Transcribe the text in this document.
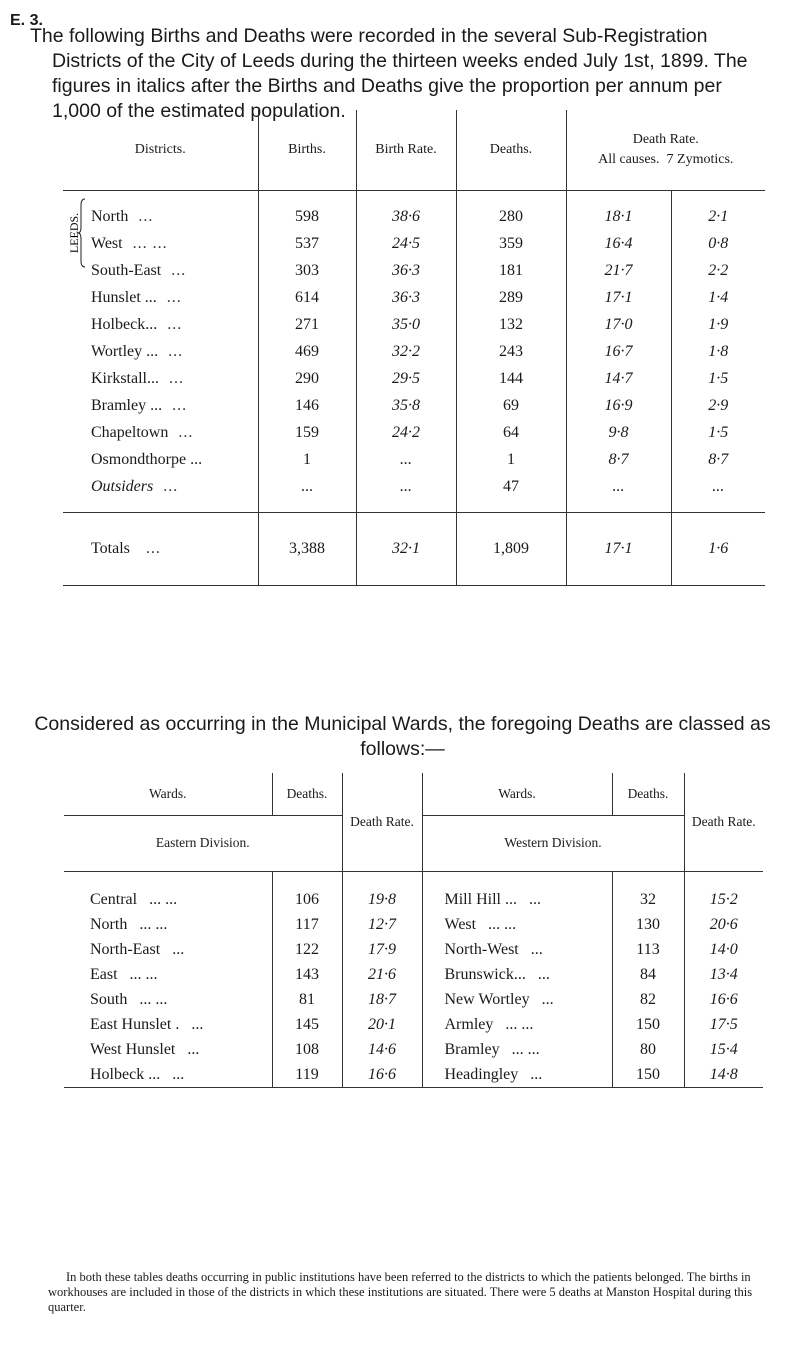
E. 3.

The following Births and Deaths were recorded in the several Sub-Registration Districts of the City of Leeds during the thirteen weeks ended July 1st, 1899. The figures in italics after the Births and Deaths give the proportion per annum per 1,000 of the estimated population.

LEEDS.
Districts.	Births.	Birth Rate.	Deaths.	Death Rate.
All causes. 7 Zymotics.	

North ...	598	38·6	280	18·1	2·1
West ... ...	537	24·5	359	16·4	0·8
South-East ...	303	36·3	181	21·7	2·2
Hunslet ... ...	614	36·3	289	17·1	1·4
Holbeck... ...	271	35·0	132	17·0	1·9
Wortley ... ...	469	32·2	243	16·7	1·8
Kirkstall... ...	290	29·5	144	14·7	1·5
Bramley ... ...	146	35·8	69	16·9	2·9
Chapeltown ...	159	24·2	64	9·8	1·5
Osmondthorpe ...	1	...	1	8·7	8·7
Outsiders ...	...	...	47	...	...

Totals ...	3,388	32·1	1,809	17·1	1·6
Considered as occurring in the Municipal Wards, the foregoing Deaths are classed as follows:—
Wards.	Deaths.	Death Rate.	Wards.	Deaths.	Death Rate.
Eastern Division.			Western Division.		

Central ... ...	106	19·8	Mill Hill ... ...	32	15·2
North ... ...	117	12·7	West ... ...	130	20·6
North-East ...	122	17·9	North-West ...	113	14·0
East ... ...	143	21·6	Brunswick... ...	84	13·4
South ... ...	81	18·7	New Wortley ...	82	16·6
East Hunslet . ...	145	20·1	Armley ... ...	150	17·5
West Hunslet ...	108	14·6	Bramley ... ...	80	15·4
Holbeck ... ...	119	16·6	Headingley ...	150	14·8

In both these tables deaths occurring in public institutions have been referred to the districts to which the patients belonged. The births in workhouses are included in those of the districts in which these institutions are situated. There were 5 deaths at Manston Hospital during this quarter.
